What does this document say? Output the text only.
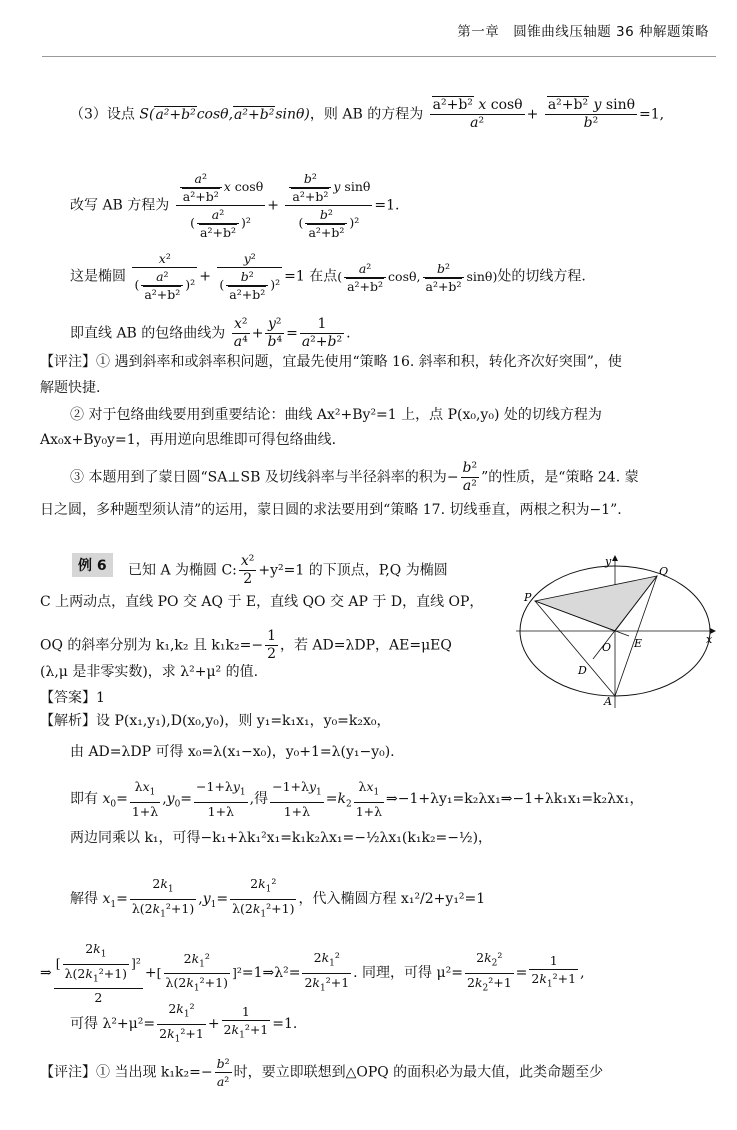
第一章　圆锥曲线压轴题 36 种解题策略
（3）设点 S(a²+b²cosθ,a²+b²sinθ)，则 AB 的方程为 $\frac{\text{a²+b² x cosθ}}{\text{a²}} + \frac{\text{a²+b² y sinθ}}{\text{b²}} =1$,
改写 AB 方程为 $\frac{\frac{\text{a²}}{\text{a²+b²}} x \cos\theta}{( \frac{\text{a²}}{\text{a²+b²}} )^2} + \frac{\frac{\text{b²}}{\text{a²+b²}} y \sin\theta}{( \frac{\text{b²}}{\text{a²+b²}} )^2} =1$.
这是椭圆 $\frac{\text{x²}}{( \frac{\text{a²}}{\text{a²+b²}} )^2} + \frac{\text{y²}}{( \frac{\text{b²}}{\text{a²+b²}} )^2} =1$ 在点( $\frac{\text{a²}}{\text{a²+b²}} \cos\theta$, $\frac{\text{b²}}{\text{a²+b²}} \sin\theta$)处的切线方程.
即直线 AB 的包络曲线为 $\frac{\text{x²}}{\text{a⁴}} + \frac{\text{y²}}{\text{b⁴}} = \frac{1}{\text{a²+b²}}$ .
【评注】① 遇到斜率和或斜率积问题，宜最先使用“策略 16. 斜率和积，转化齐次好突围”，使
解题快捷.
② 对于包络曲线要用到重要结论：曲线 Ax²+By²=1 上，点 P(x₀,y₀) 处的切线方程为
Ax₀x+By₀y=1，再用逆向思维即可得包络曲线.
③ 本题用到了蒙日圆“SA⊥SB 及切线斜率与半径斜率的积为− $\frac{\text{b²}}{\text{a²}}$ ”的性质，是“策略 24. 蒙
日之圆，多种题型须认清”的运用，蒙日圆的求法要用到“策略 17. 切线垂直，两根之积为−1”.
例 6	已知 A 为椭圆 C: $\frac{\text{x²}}{2} +y^2=1$ 的下顶点，P,Q 为椭圆
C 上两动点，直线 PO 交 AQ 于 E，直线 QO 交 AP 于 D，直线 OP，
OQ 的斜率分别为 k₁,k₂ 且 $k_1k_2=- \frac{1}{2}$ ，若 AD=λDP，AE=μEQ
(λ,μ 是非零实数)，求 λ²+μ² 的值.
【答案】1
【解析】设 P(x₁,y₁),D(x₀,y₀)，则 y₁=k₁x₁，y₀=k₂x₀，
由 AD=λDP 可得 x₀=λ(x₁−x₀)，y₀+1=λ(y₁−y₀).
即有 $x_0= \frac{\lambda x_1}{1+\lambda} ,y_0= \frac{-1+\lambda y_1}{1+\lambda}$ ,得 $\frac{-1+\lambda y_1}{1+\lambda} =k_2 \frac{\lambda x_1}{1+\lambda}$ ⇒−1+λy₁=k₂λx₁⇒−1+λk₁x₁=k₂λx₁，
两边同乘以 k₁，可得−k₁+λk₁²x₁=k₁k₂λx₁=−½λx₁(k₁k₂=−½)，
解得 $x_1= \frac{2k_1}{\lambda(2k_1^2+1)} ,y_1= \frac{2k_1^2}{\lambda(2k_1^2+1)}$ ，代入椭圆方程 x₁²/2+y₁²=1
⇒ $\frac{[ \frac{2k_1}{\lambda(2k_1^2+1)} ]^2}{2}$ +[ $\frac{2k_1^2}{\lambda(2k_1^2+1)}$ ]²=1⇒λ²= $\frac{2k_1^2}{2k_1^2+1}$ . 同理，可得 $\mu^2= \frac{2k_2^2}{2k_2^2+1} = \frac{1}{2k_1^2+1}$ ,
可得 $\lambda^2+\mu^2= \frac{2k_1^2}{2k_1^2+1} + \frac{1}{2k_1^2+1} =1$.
【评注】① 当出现 $k_1k_2=- \frac{\text{b²}}{\text{a²}}$ 时，要立即联想到△OPQ 的面积必为最大值，此类命题至少
y
Q
P
x
E
O
D
A
